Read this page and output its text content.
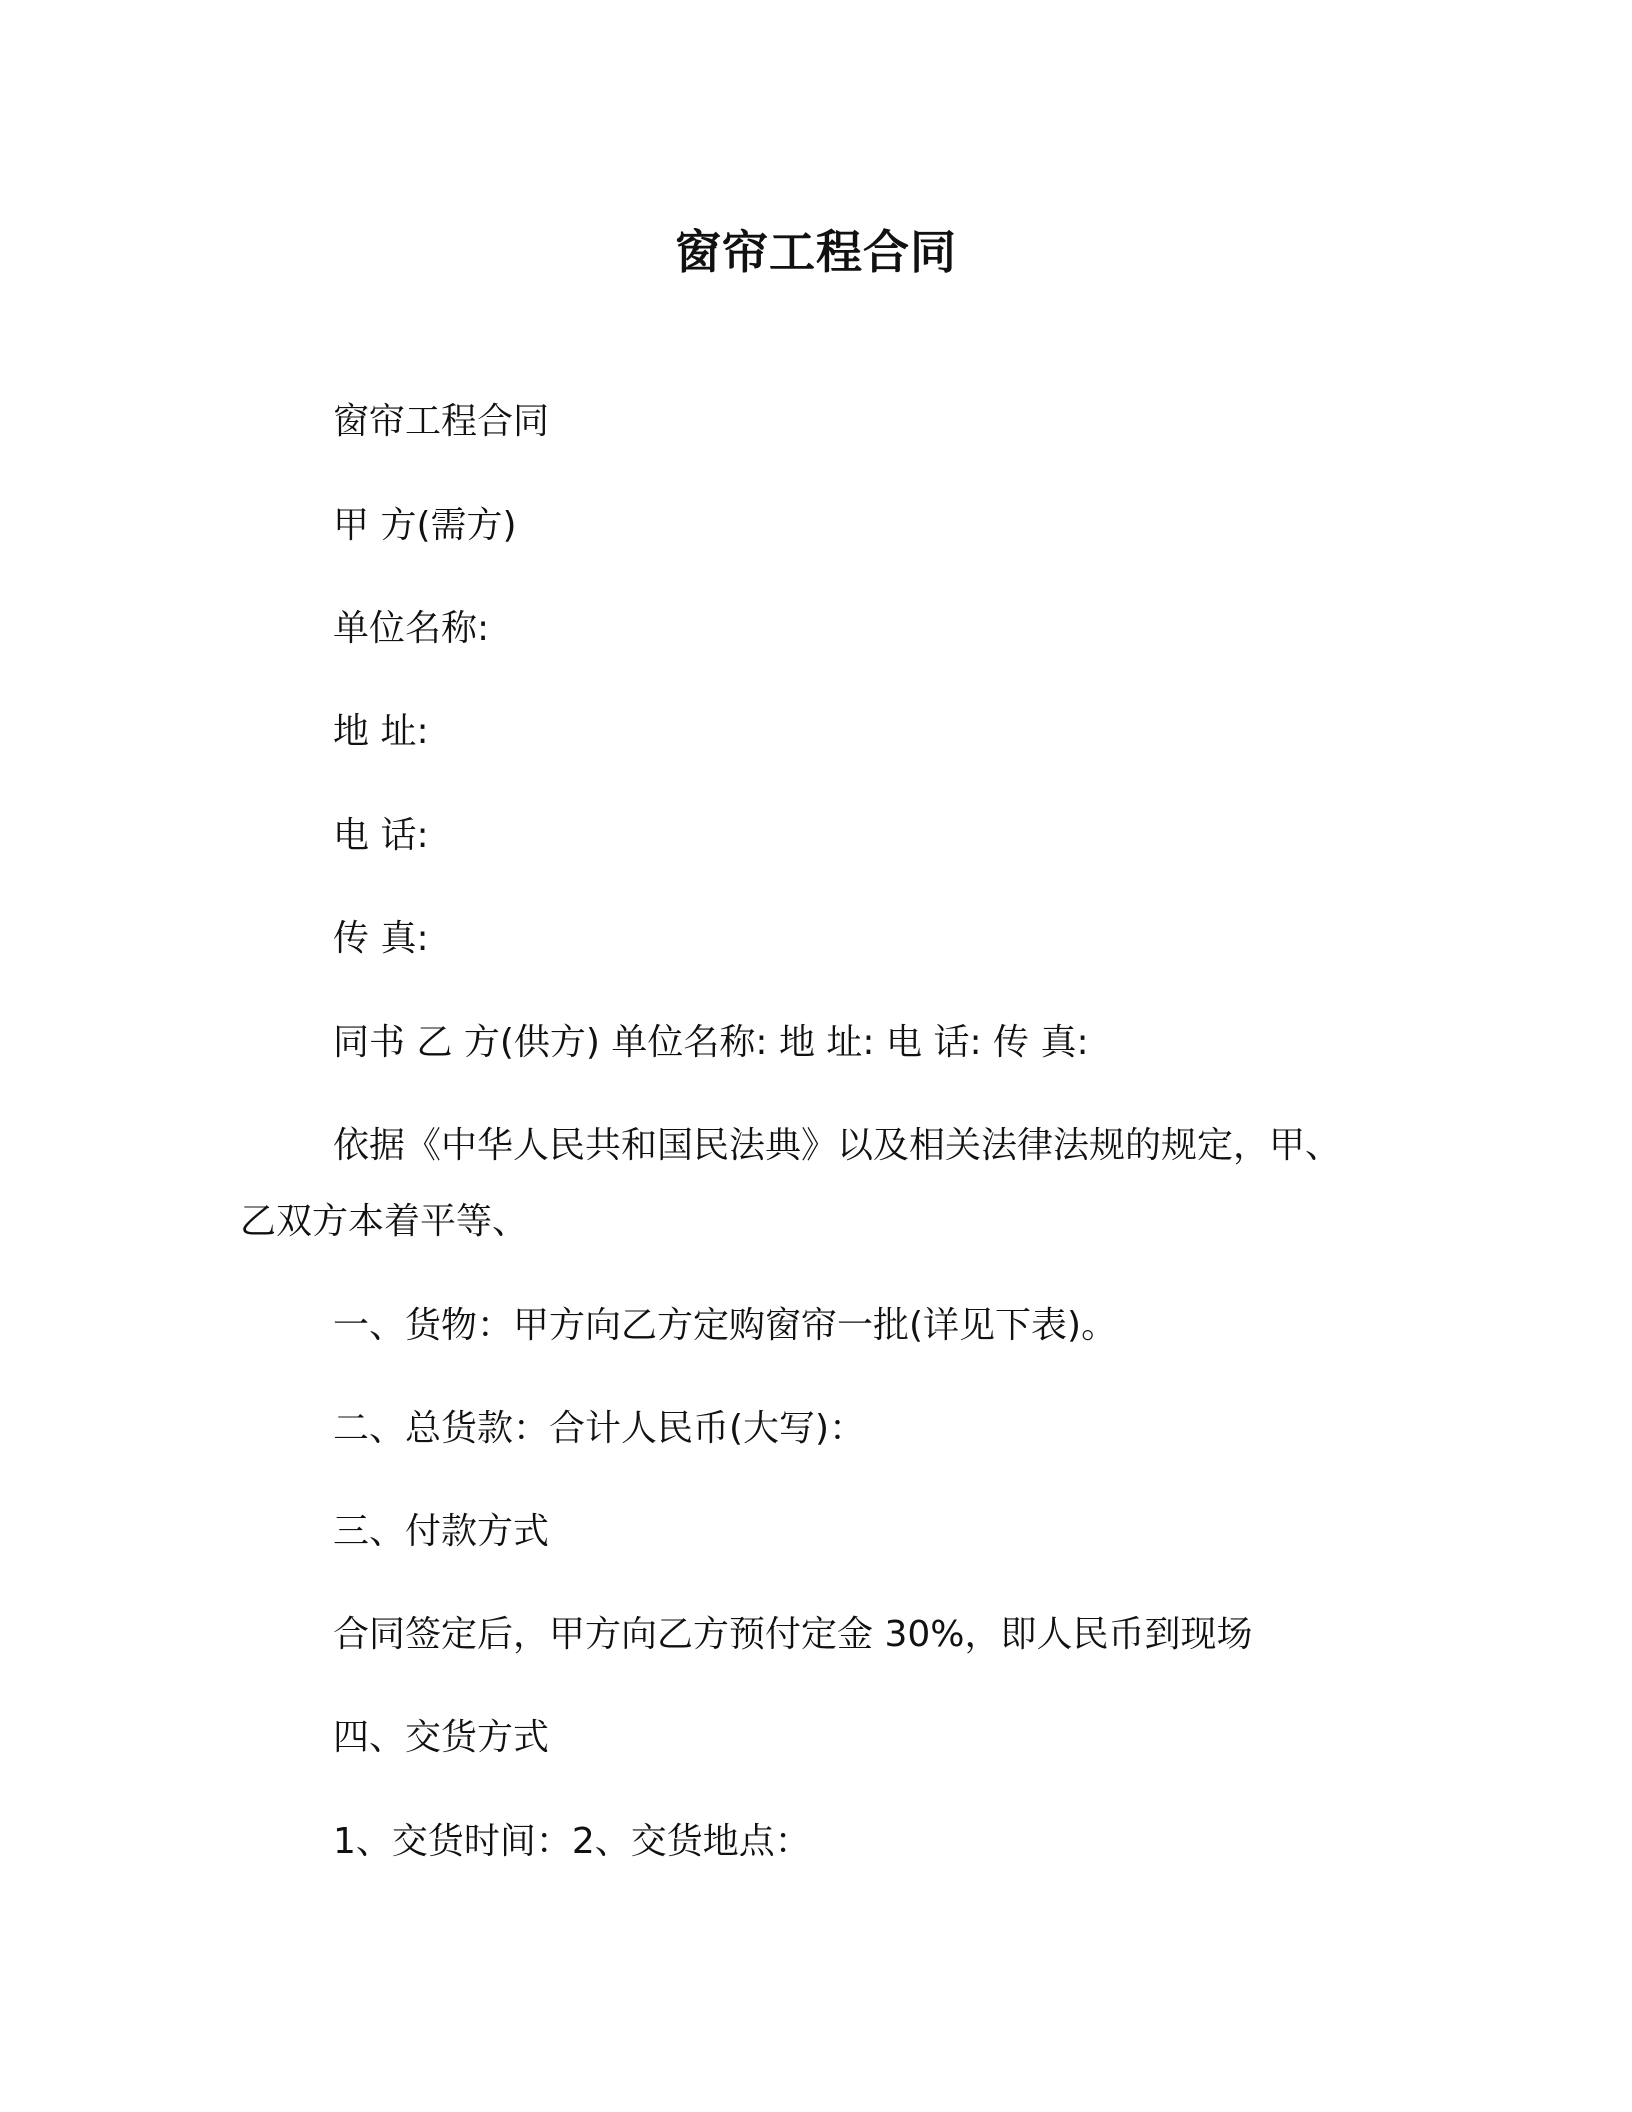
窗帘工程合同
窗帘工程合同
甲 方(需方)
单位名称:
地 址:
电 话:
传 真:
同书 乙 方(供方) 单位名称: 地 址: 电 话: 传 真:
依据《中华人民共和国民法典》以及相关法律法规的规定，甲、
乙双方本着平等、
一、货物：甲方向乙方定购窗帘一批(详见下表)。
二、总货款：合计人民币(大写)：
三、付款方式
合同签定后，甲方向乙方预付定金 30%，即人民币到现场
四、交货方式
1、交货时间：2、交货地点：
